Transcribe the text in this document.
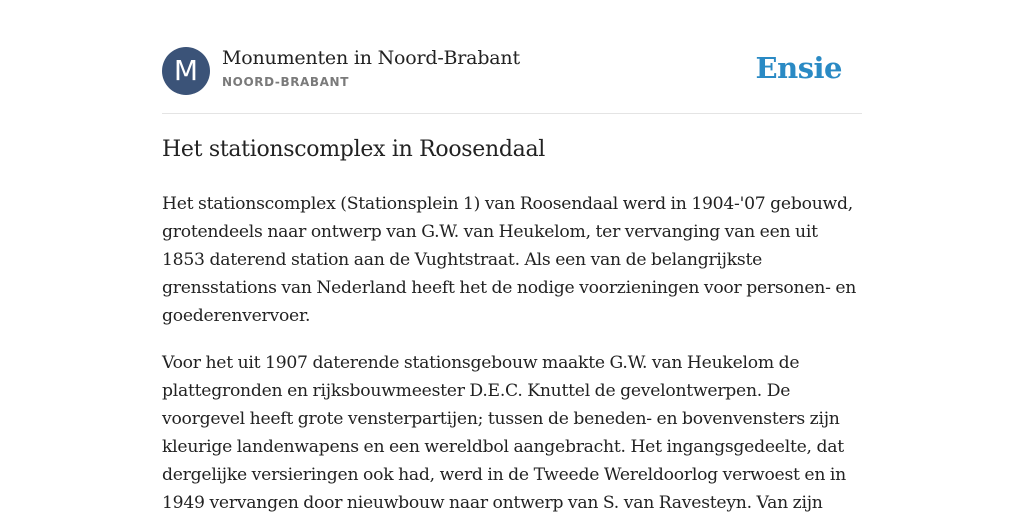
M	Monumenten in Noord-Brabant
NOORD-BRABANT	Ensie
Het stationscomplex in Roosendaal

Het stationscomplex (Stationsplein 1) van Roosendaal werd in 1904-'07 gebouwd, grotendeels naar ontwerp van G.W. van Heukelom, ter vervanging van een uit 1853 daterend station aan de Vughtstraat. Als een van de belangrijkste grensstations van Nederland heeft het de nodige voorzieningen voor personen- en goederenvervoer.

Voor het uit 1907 daterende stationsgebouw maakte G.W. van Heukelom de plattegronden en rijksbouwmeester D.E.C. Knuttel de gevelontwerpen. De voorgevel heeft grote vensterpartijen; tussen de beneden- en bovenvensters zijn kleurige landenwapens en een wereldbol aangebracht. Het ingangsgedeelte, dat dergelijke versieringen ook had, werd in de Tweede Wereldoorlog verwoest en in 1949 vervangen door nieuwbouw naar ontwerp van S. van Ravesteyn. Van zijn
